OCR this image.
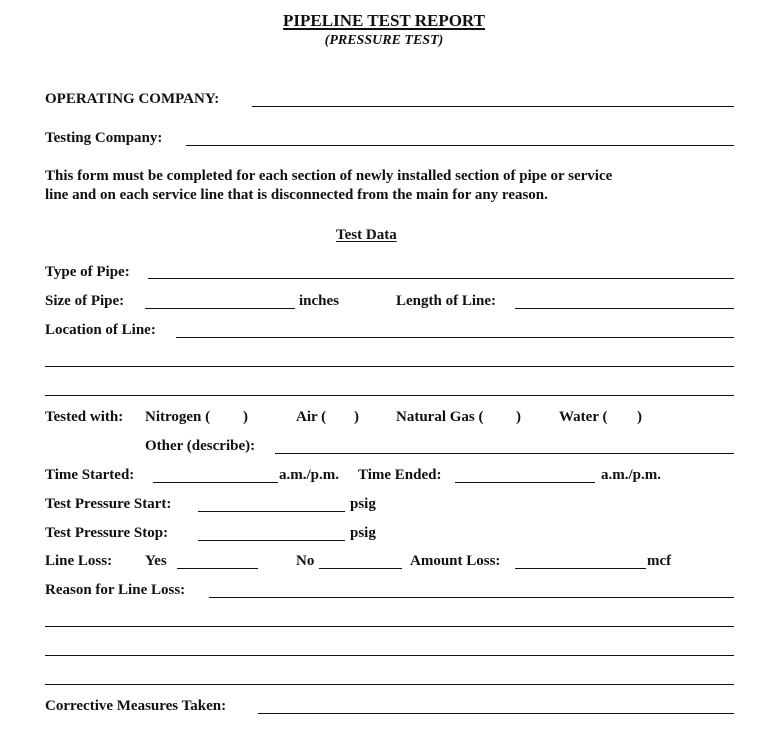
PIPELINE TEST REPORT
(PRESSURE TEST)
OPERATING COMPANY:
Testing Company:
This form must be completed for each section of newly installed section of pipe or service
line and on each service line that is disconnected from the main for any reason.
Test Data
Type of Pipe:
Size of Pipe:	inches	Length of Line:
Location of Line:
Tested with: Nitrogen ( )	Air ( ) Natural Gas ( )	Water ( )
Other (describe):
Time Started:	a.m./p.m. Time Ended:	a.m./p.m.
Test Pressure Start:	psig
Test Pressure Stop:	psig
Line Loss: Yes	No	Amount Loss:	mcf
Reason for Line Loss:
Corrective Measures Taken:
